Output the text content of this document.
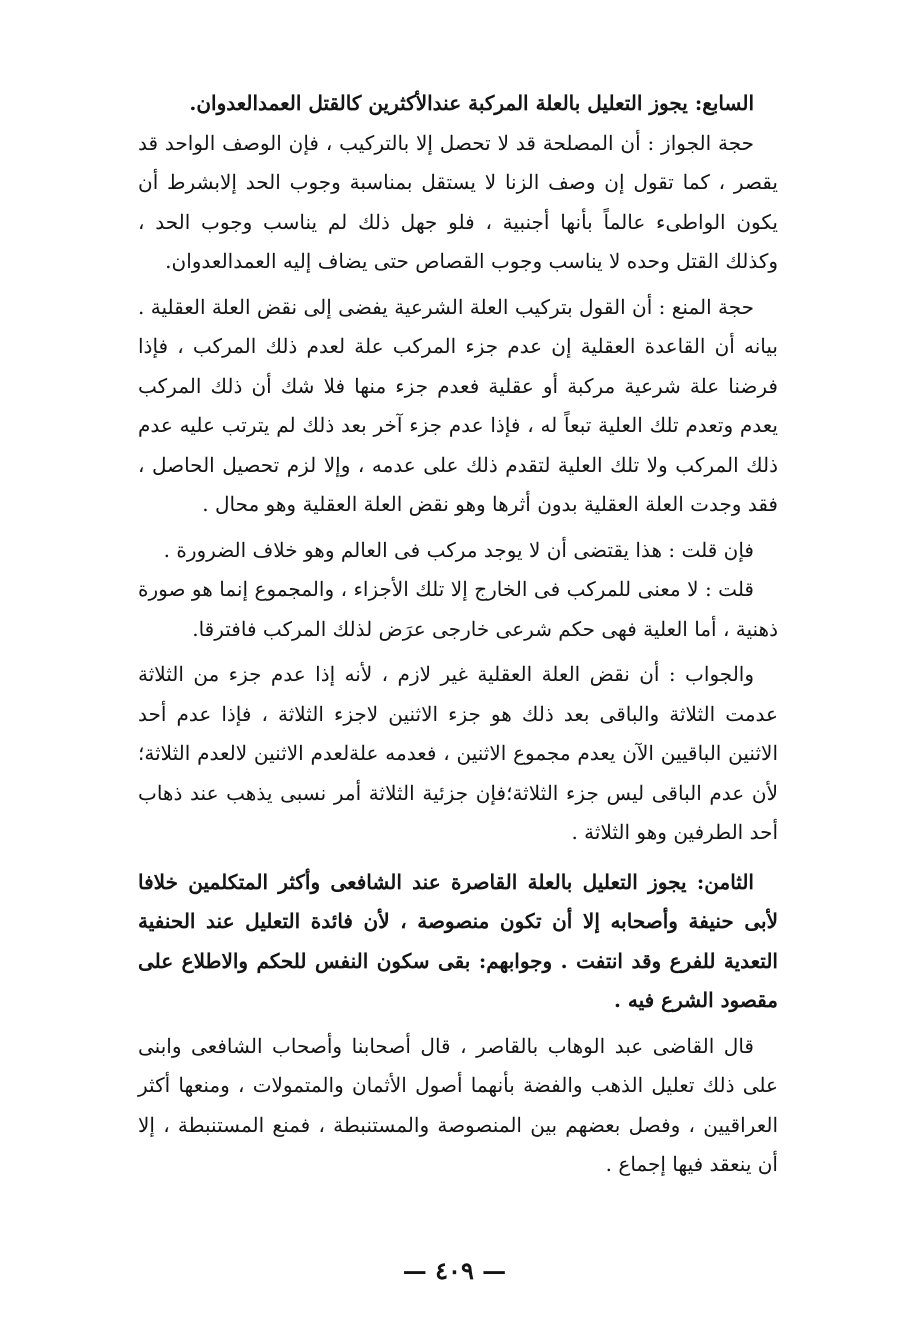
السابع: يجوز التعليل بالعلة المركبة عندالأكثرين كالقتل العمدالعدوان.

حجة الجواز : أن المصلحة قد لا تحصل إلا بالتركيب ، فإن الوصف الواحد قد يقصر ، كما تقول إن وصف الزنا لا يستقل بمناسبة وجوب الحد إلابشرط أن يكون الواطىء عالماً بأنها أجنبية ، فلو جهل ذلك لم يناسب وجوب الحد ، وكذلك القتل وحده لا يناسب وجوب القصاص حتى يضاف إليه العمدالعدوان.

حجة المنع : أن القول بتركيب العلة الشرعية يفضى إلى نقض العلة العقلية . بيانه أن القاعدة العقلية إن عدم جزء المركب علة لعدم ذلك المركب ، فإذا فرضنا علة شرعية مركبة أو عقلية فعدم جزء منها فلا شك أن ذلك المركب يعدم وتعدم تلك العلية تبعاً له ، فإذا عدم جزء آخر بعد ذلك لم يترتب عليه عدم ذلك المركب ولا تلك العلية لتقدم ذلك على عدمه ، وإلا لزم تحصيل الحاصل ، فقد وجدت العلة العقلية بدون أثرها وهو نقض العلة العقلية وهو محال .

فإن قلت : هذا يقتضى أن لا يوجد مركب فى العالم وهو خلاف الضرورة .

قلت : لا معنى للمركب فى الخارج إلا تلك الأجزاء ، والمجموع إنما هو صورة ذهنية ، أما العلية فهى حكم شرعى خارجى عرَض لذلك المركب فافترقا.

والجواب : أن نقض العلة العقلية غير لازم ، لأنه إذا عدم جزء من الثلاثة عدمت الثلاثة والباقى بعد ذلك هو جزء الاثنين لاجزء الثلاثة ، فإذا عدم أحد الاثنين الباقيين الآن يعدم مجموع الاثنين ، فعدمه علةلعدم الاثنين لالعدم الثلاثة؛ لأن عدم الباقى ليس جزء الثلاثة؛فإن جزئية الثلاثة أمر نسبى يذهب عند ذهاب أحد الطرفين وهو الثلاثة .

الثامن: يجوز التعليل بالعلة القاصرة عند الشافعى وأكثر المتكلمين خلافا لأبى حنيفة وأصحابه إلا أن تكون منصوصة ، لأن فائدة التعليل عند الحنفية التعدية للفرع وقد انتفت . وجوابهم: بقى سكون النفس للحكم والاطلاع على مقصود الشرع فيه .

قال القاضى عبد الوهاب بالقاصر ، قال أصحابنا وأصحاب الشافعى وابنى على ذلك تعليل الذهب والفضة بأنهما أصول الأثمان والمتمولات ، ومنعها أكثر العراقيين ، وفصل بعضهم بين المنصوصة والمستنبطة ، فمنع المستنبطة ، إلا أن ينعقد فيها إجماع .

— ٤٠٩ —
